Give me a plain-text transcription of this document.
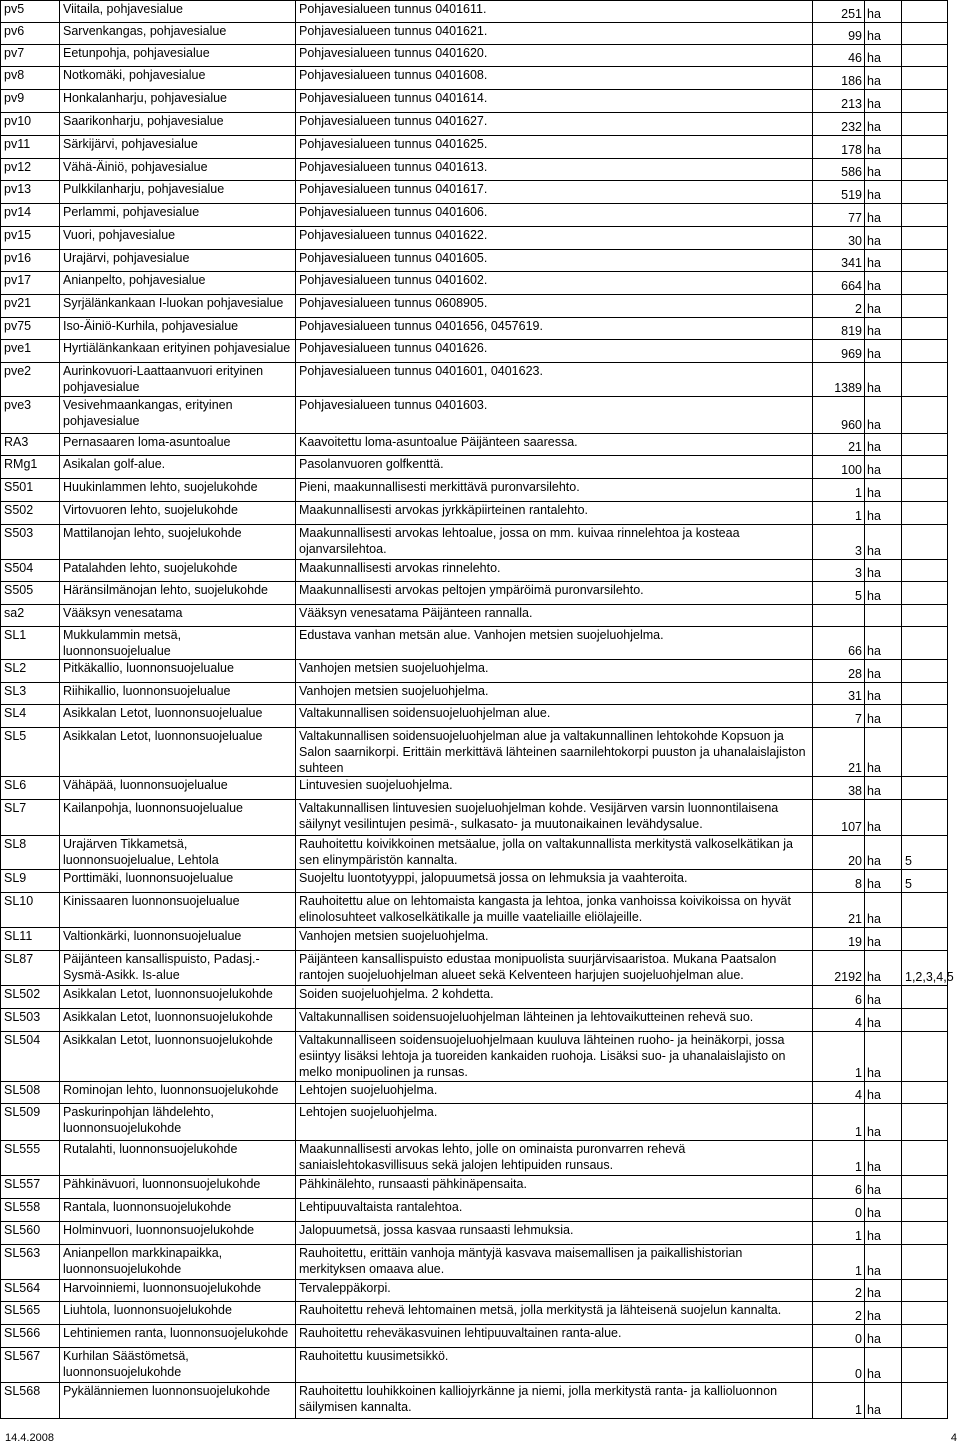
pv5	Viitaila, pohjavesialue	Pohjavesialueen tunnus 0401611.	251	ha	
pv6	Sarvenkangas, pohjavesialue	Pohjavesialueen tunnus 0401621.	99	ha	
pv7	Eetunpohja, pohjavesialue	Pohjavesialueen tunnus 0401620.	46	ha	
pv8	Notkomäki, pohjavesialue	Pohjavesialueen tunnus 0401608.	186	ha	
pv9	Honkalanharju, pohjavesialue	Pohjavesialueen tunnus 0401614.	213	ha	
pv10	Saarikonharju, pohjavesialue	Pohjavesialueen tunnus 0401627.	232	ha	
pv11	Särkijärvi, pohjavesialue	Pohjavesialueen tunnus 0401625.	178	ha	
pv12	Vähä-Äiniö, pohjavesialue	Pohjavesialueen tunnus 0401613.	586	ha	
pv13	Pulkkilanharju, pohjavesialue	Pohjavesialueen tunnus 0401617.	519	ha	
pv14	Perlammi, pohjavesialue	Pohjavesialueen tunnus 0401606.	77	ha	
pv15	Vuori, pohjavesialue	Pohjavesialueen tunnus 0401622.	30	ha	
pv16	Urajärvi, pohjavesialue	Pohjavesialueen tunnus 0401605.	341	ha	
pv17	Anianpelto, pohjavesialue	Pohjavesialueen tunnus 0401602.	664	ha	
pv21	Syrjälänkankaan I-luokan pohjavesialue	Pohjavesialueen tunnus 0608905.	2	ha	
pv75	Iso-Äiniö-Kurhila, pohjavesialue	Pohjavesialueen tunnus 0401656, 0457619.	819	ha	
pve1	Hyrtiälänkankaan erityinen pohjavesialue	Pohjavesialueen tunnus 0401626.	969	ha	
pve2	Aurinkovuori-Laattaanvuori erityinen pohjavesialue	Pohjavesialueen tunnus 0401601, 0401623.	1389	ha	
pve3	Vesivehmaankangas, erityinen pohjavesialue	Pohjavesialueen tunnus 0401603.	960	ha	
RA3	Pernasaaren loma-asuntoalue	Kaavoitettu loma-asuntoalue Päijänteen saaressa.	21	ha	
RMg1	Asikalan golf-alue.	Pasolanvuoren golfkenttä.	100	ha	
S501	Huukinlammen lehto, suojelukohde	Pieni, maakunnallisesti merkittävä puronvarsilehto.	1	ha	
S502	Virtovuoren lehto, suojelukohde	Maakunnallisesti arvokas jyrkkäpiirteinen rantalehto.	1	ha	
S503	Mattilanojan lehto, suojelukohde	Maakunnallisesti arvokas lehtoalue, jossa on mm. kuivaa rinnelehtoa ja kosteaa ojanvarsilehtoa.	3	ha	
S504	Patalahden lehto, suojelukohde	Maakunnallisesti arvokas rinnelehto.	3	ha	
S505	Häränsilmänojan lehto, suojelukohde	Maakunnallisesti arvokas peltojen ympäröimä puronvarsilehto.	5	ha	
sa2	Vääksyn venesatama	Vääksyn venesatama Päijänteen rannalla.			
SL1	Mukkulammin metsä, luonnonsuojelualue	Edustava vanhan metsän alue. Vanhojen metsien suojeluohjelma.	66	ha	
SL2	Pitkäkallio, luonnonsuojelualue	Vanhojen metsien suojeluohjelma.	28	ha	
SL3	Riihikallio, luonnonsuojelualue	Vanhojen metsien suojeluohjelma.	31	ha	
SL4	Asikkalan Letot, luonnonsuojelualue	Valtakunnallisen soidensuojeluohjelman alue.	7	ha	
SL5	Asikkalan Letot, luonnonsuojelualue	Valtakunnallisen soidensuojeluohjelman alue ja valtakunnallinen lehtokohde Kopsuon ja Salon saarnikorpi. Erittäin merkittävä lähteinen saarnilehtokorpi puuston ja uhanalaislajiston suhteen	21	ha	
SL6	Vähäpää, luonnonsuojelualue	Lintuvesien suojeluohjelma.	38	ha	
SL7	Kailanpohja, luonnonsuojelualue	Valtakunnallisen lintuvesien suojeluohjelman kohde. Vesijärven varsin luonnontilaisena säilynyt vesilintujen pesimä-, sulkasato- ja muutonaikainen levähdysalue.	107	ha	
SL8	Urajärven Tikkametsä, luonnonsuojelualue, Lehtola	Rauhoitettu koivikkoinen metsäalue, jolla on valtakunnallista merkitystä valkoselkätikan ja sen elinympäristön kannalta.	20	ha	5
SL9	Porttimäki, luonnonsuojelualue	Suojeltu luontotyyppi, jalopuumetsä jossa on lehmuksia ja vaahteroita.	8	ha	5
SL10	Kinissaaren luonnonsuojelualue	Rauhoitettu alue on lehtomaista kangasta ja lehtoa, jonka vanhoissa koivikoissa on hyvät elinolosuhteet valkoselkätikalle ja muille vaateliaille eliölajeille.	21	ha	
SL11	Valtionkärki, luonnonsuojelualue	Vanhojen metsien suojeluohjelma.	19	ha	
SL87	Päijänteen kansallispuisto, Padasj.-Sysmä-Asikk. Is-alue	Päijänteen kansallispuisto edustaa monipuolista suurjärvisaaristoa. Mukana Paatsalon rantojen suojeluohjelman alueet sekä Kelventeen harjujen suojeluohjelman alue.	2192	ha	1,2,3,4,5
SL502	Asikkalan Letot, luonnonsuojelukohde	Soiden suojeluohjelma. 2 kohdetta.	6	ha	
SL503	Asikkalan Letot, luonnonsuojelukohde	Valtakunnallisen soidensuojeluohjelman lähteinen ja lehtovaikutteinen rehevä suo.	4	ha	
SL504	Asikkalan Letot, luonnonsuojelukohde	Valtakunnalliseen soidensuojeluohjelmaan kuuluva lähteinen ruoho- ja heinäkorpi, jossa esiintyy lisäksi lehtoja ja tuoreiden kankaiden ruohoja. Lisäksi suo- ja uhanalaislajisto on melko monipuolinen ja runsas.	1	ha	
SL508	Rominojan lehto, luonnonsuojelukohde	Lehtojen suojeluohjelma.	4	ha	
SL509	Paskurinpohjan lähdelehto, luonnonsuojelukohde	Lehtojen suojeluohjelma.	1	ha	
SL555	Rutalahti, luonnonsuojelukohde	Maakunnallisesti arvokas lehto, jolle on ominaista puronvarren rehevä saniaislehtokasvillisuus sekä jalojen lehtipuiden runsaus.	1	ha	
SL557	Pähkinävuori, luonnonsuojelukohde	Pähkinälehto, runsaasti pähkinäpensaita.	6	ha	
SL558	Rantala, luonnonsuojelukohde	Lehtipuuvaltaista rantalehtoa.	0	ha	
SL560	Holminvuori, luonnonsuojelukohde	Jalopuumetsä, jossa kasvaa runsaasti lehmuksia.	1	ha	
SL563	Anianpellon markkinapaikka, luonnonsuojelukohde	Rauhoitettu, erittäin vanhoja mäntyjä kasvava maisemallisen ja paikallishistorian merkityksen omaava alue.	1	ha	
SL564	Harvoinniemi, luonnonsuojelukohde	Tervaleppäkorpi.	2	ha	
SL565	Liuhtola, luonnonsuojelukohde	Rauhoitettu rehevä lehtomainen metsä, jolla merkitystä ja lähteisenä suojelun kannalta.	2	ha	
SL566	Lehtiniemen ranta, luonnonsuojelukohde	Rauhoitettu reheväkasvuinen lehtipuuvaltainen ranta-alue.	0	ha	
SL567	Kurhilan Säästömetsä, luonnonsuojelukohde	Rauhoitettu kuusimetsikkö.	0	ha	
SL568	Pykälänniemen luonnonsuojelukohde	Rauhoitettu louhikkoinen kalliojyrkänne ja niemi, jolla merkitystä ranta- ja kallioluonnon säilymisen kannalta.	1	ha	
14.4.2008	4
